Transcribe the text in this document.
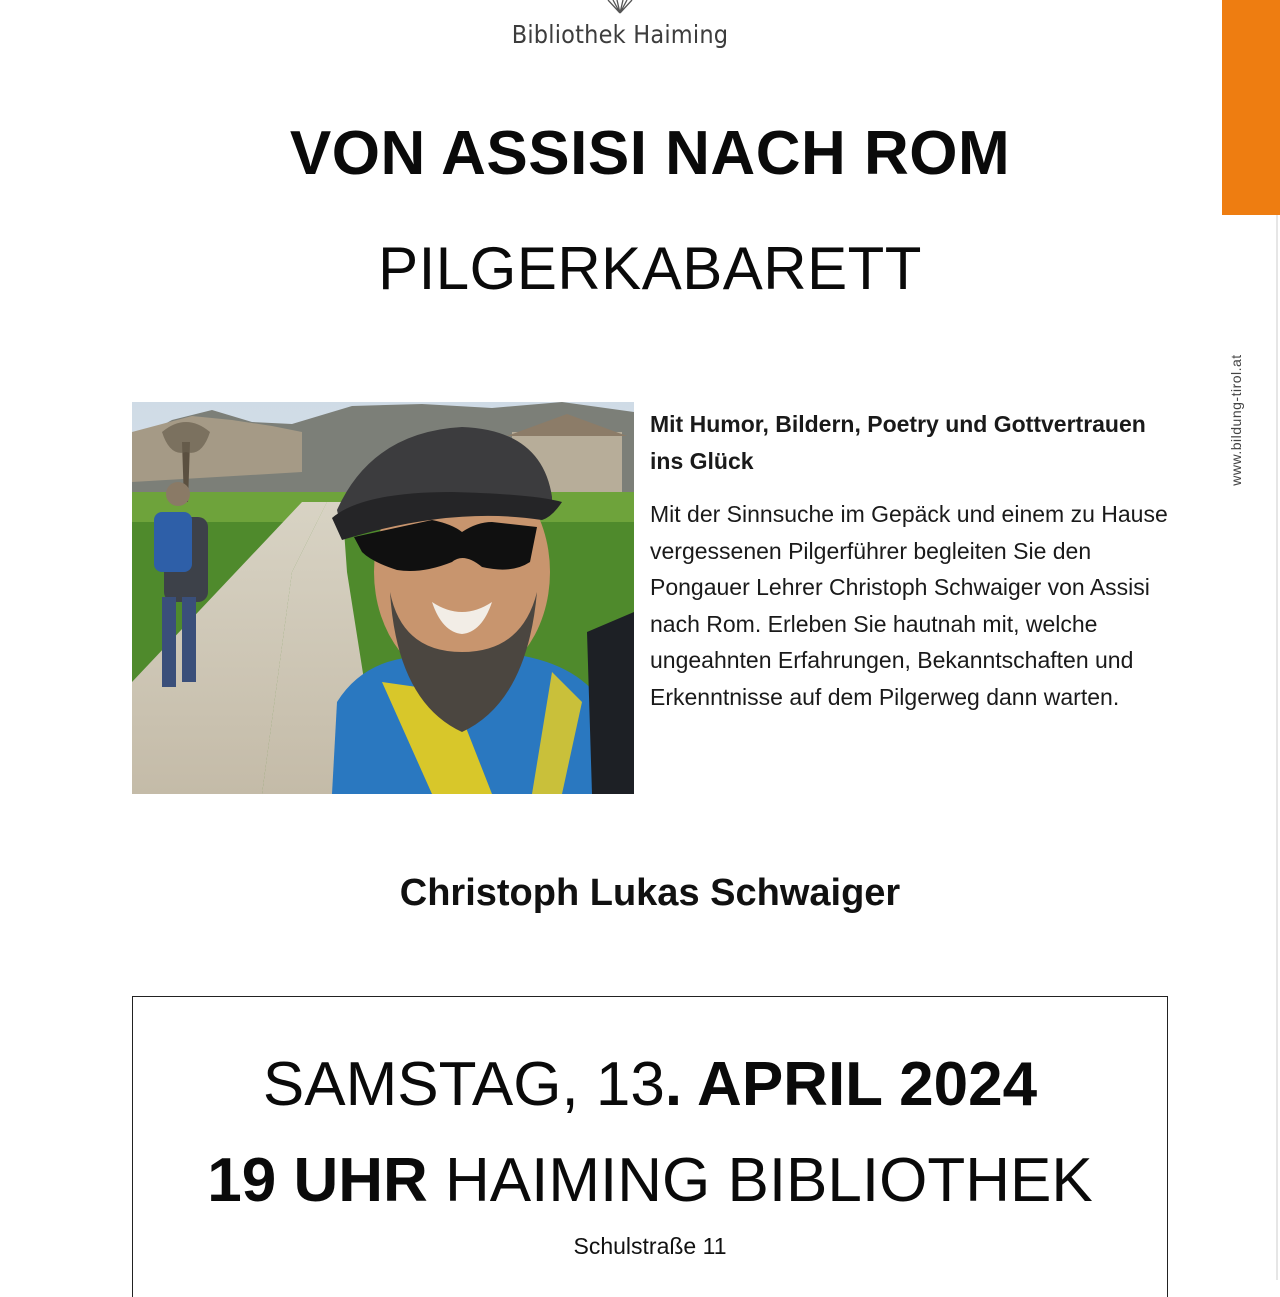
Bibliothek Haiming
www.bildung-tirol.at
VON ASSISI NACH ROM
PILGERKABARETT

Mit Humor, Bildern, Poetry und Gottvertrauen ins Glück

Mit der Sinnsuche im Gepäck und einem zu Hause vergessenen Pilgerführer begleiten Sie den Pongauer Lehrer Christoph Schwaiger von Assisi nach Rom. Erleben Sie hautnah mit, welche ungeahnten Erfahrungen, Bekanntschaften und Erkenntnisse auf dem Pilgerweg dann warten.

Christoph Lukas Schwaiger
SAMSTAG, 13. APRIL 2024
19 UHR HAIMING BIBLIOTHEK
Schulstraße 11
